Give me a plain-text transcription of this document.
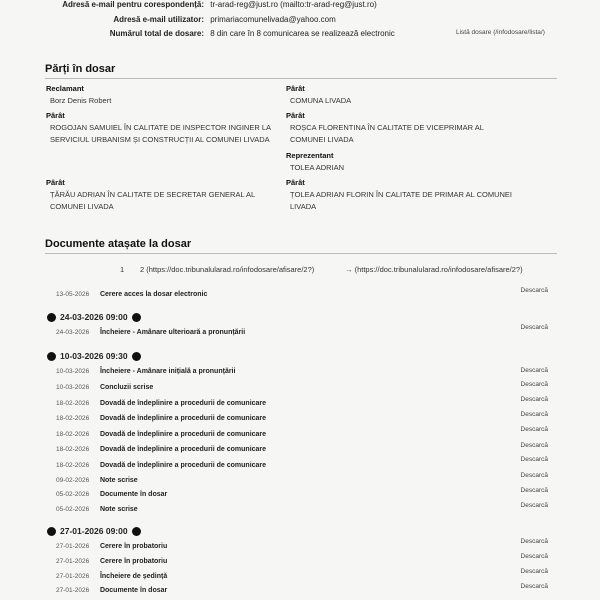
Adresă e-mail pentru corespondență: tr-arad-reg@just.ro (mailto:tr-arad-reg@just.ro)
Adresă e-mail utilizator: primariacomunelivada@yahoo.com
Numărul total de dosare: 8 din care în 8 comunicarea se realizează electronic	Listă dosare (/infodosare/lista/)
Părți în dosar
Reclamant
Borz Denis Robert
Pârât
ROGOJAN SAMUIEL ÎN CALITATE DE INSPECTOR INGINER LA SERVICIUL URBANISM ȘI CONSTRUCȚII AL COMUNEI LIVADA
Pârât
ȚĂRĂU ADRIAN ÎN CALITATE DE SECRETAR GENERAL AL COMUNEI LIVADA
Pârât
COMUNA LIVADA
Pârât
ROȘCA FLORENTINA ÎN CALITATE DE VICEPRIMAR AL COMUNEI LIVADA
Reprezentant
TOLEA ADRIAN
Pârât
ȚOLEA ADRIAN FLORIN ÎN CALITATE DE PRIMAR AL COMUNEI LIVADA
Documente atașate la dosar
1 2 (https://doc.tribunalularad.ro/infodosare/afisare/2?)	→ (https://doc.tribunalularad.ro/infodosare/afisare/2?)
13-05-2026 Cerere acces la dosar electronic
Descarcă
24-03-2026 09:00
24-03-2026 Încheiere - Amânare ulterioară a pronunțării
Descarcă
10-03-2026 09:30
10-03-2026 Încheiere - Amânare inițială a pronunțării	Descarcă
10-03-2026 Concluzii scrise	Descarcă
18-02-2026 Dovadă de îndeplinire a procedurii de comunicare
Descarcă
18-02-2026 Dovadă de îndeplinire a procedurii de comunicare
Descarcă
18-02-2026 Dovadă de îndeplinire a procedurii de comunicare
Descarcă
18-02-2026 Dovadă de îndeplinire a procedurii de comunicare
Descarcă
18-02-2026 Dovadă de îndeplinire a procedurii de comunicare
Descarcă
09-02-2026 Note scrise
Descarcă
05-02-2026 Documente în dosar
Descarcă
05-02-2026 Note scrise
Descarcă
27-01-2026 09:00
27-01-2026 Cerere în probatoriu
Descarcă
27-01-2026 Cerere în probatoriu
Descarcă
27-01-2026 Încheiere de ședință
Descarcă
27-01-2026 Documente în dosar
Descarcă
